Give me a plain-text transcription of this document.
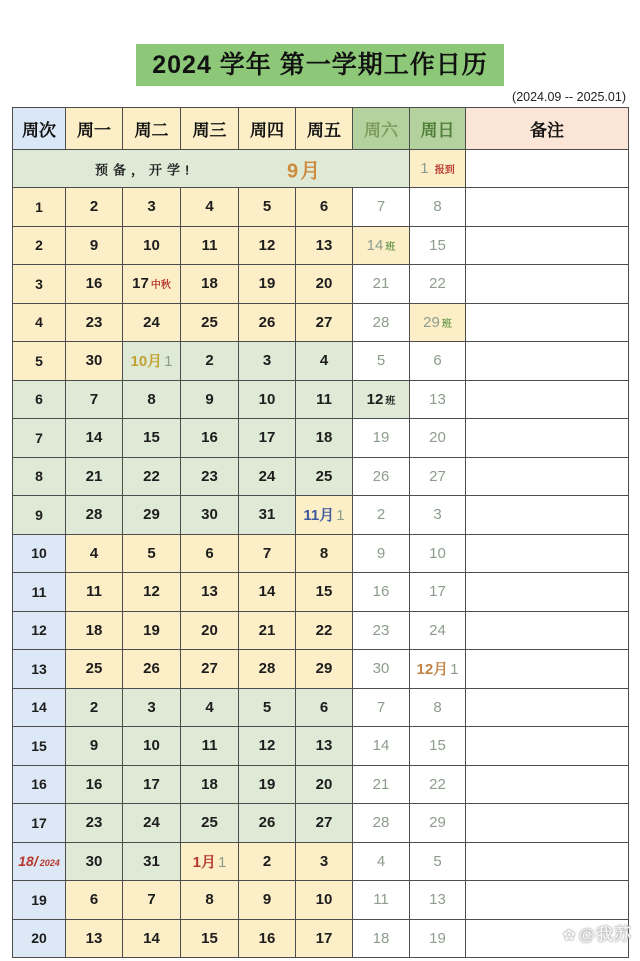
2024 学年 第一学期工作日历
(2024.09 -- 2025.01)
周次	周一	周二	周三	周四	周五	周六	周日	备注

预备，开学! 9月							1 报到	
1	2	3	4	5	6	7	8	
2	9	10	11	12	13	14 班	15	
3	16	17 中秋	18	19	20	21	22	
4	23	24	25	26	27	28	29 班	
5	30	10月 1	2	3	4	5	6	
6	7	8	9	10	11	12 班	13	
7	14	15	16	17	18	19	20	
8	21	22	23	24	25	26	27	
9	28	29	30	31	11月 1	2	3	
10	4	5	6	7	8	9	10	
11	11	12	13	14	15	16	17	
12	18	19	20	21	22	23	24	
13	25	26	27	28	29	30	12月 1	
14	2	3	4	5	6	7	8	
15	9	10	11	12	13	14	15	
16	16	17	18	19	20	21	22	
17	23	24	25	26	27	28	29	
18/ 2024	30	31	1月 1	2	3	4	5	
19	6	7	8	9	10	11	13	
20	13	14	15	16	17	18	19		✿ @我苏
